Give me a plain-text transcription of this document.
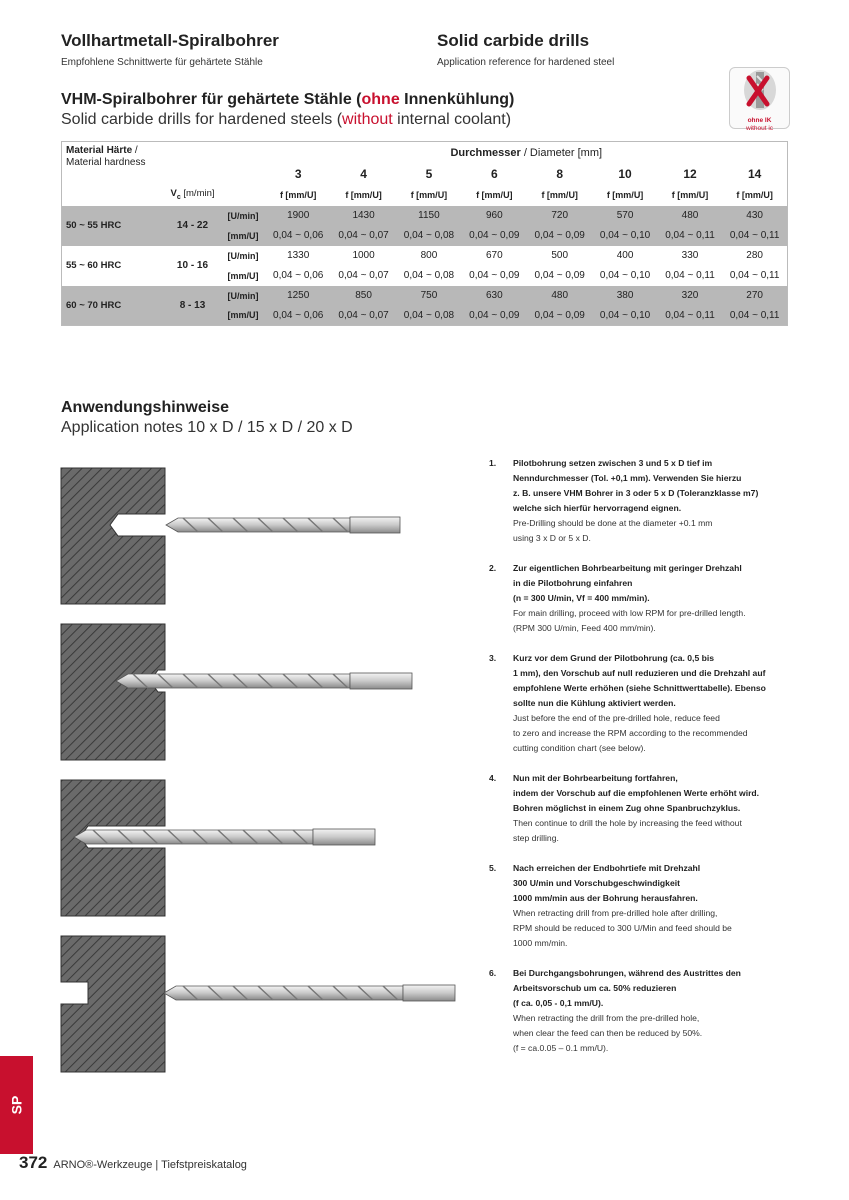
Vollhartmetall-Spiralbohrer
Empfohlene Schnittwerte für gehärtete Stähle
Solid carbide drills
Application reference for hardened steel
VHM-Spiralbohrer für gehärtete Stähle (ohne Innenkühlung)
Solid carbide drills for hardened steels (without internal coolant)	ohne IK
without ic
Material Härte /
Material hardness			Durchmesser / Diameter [mm]							
			3	4	5	6	8	10	12	14
	$V_c$ [m/min]		f [mm/U]	f [mm/U]	f [mm/U]	f [mm/U]	f [mm/U]	f [mm/U]	f [mm/U]	f [mm/U]
50 ~ 55 HRC	14 - 22	[U/min]	1900	1430	1150	960	720	570	480	430
		[mm/U]	0,04 ~ 0,06	0,04 ~ 0,07	0,04 ~ 0,08	0,04 ~ 0,09	0,04 ~ 0,09	0,04 ~ 0,10	0,04 ~ 0,11	0,04 ~ 0,11
55 ~ 60 HRC	10 - 16	[U/min]	1330	1000	800	670	500	400	330	280
		[mm/U]	0,04 ~ 0,06	0,04 ~ 0,07	0,04 ~ 0,08	0,04 ~ 0,09	0,04 ~ 0,09	0,04 ~ 0,10	0,04 ~ 0,11	0,04 ~ 0,11
60 ~ 70 HRC	8 - 13	[U/min]	1250	850	750	630	480	380	320	270
		[mm/U]	0,04 ~ 0,06	0,04 ~ 0,07	0,04 ~ 0,08	0,04 ~ 0,09	0,04 ~ 0,09	0,04 ~ 0,10	0,04 ~ 0,11	0,04 ~ 0,11
Anwendungshinweise
Application notes 10 x D / 15 x D / 20 x D
1. Pilotbohrung setzen zwischen 3 und 5 x D tief im
Nenndurchmesser (Tol. +0,1 mm). Verwenden Sie hierzu
z. B. unsere VHM Bohrer in 3 oder 5 x D (Toleranzklasse m7)
welche sich hierfür hervorragend eignen.
Pre-Drilling should be done at the diameter +0.1 mm
using 3 x D or 5 x D.
2. Zur eigentlichen Bohrbearbeitung mit geringer Drehzahl
in die Pilotbohrung einfahren
(n = 300 U/min, Vf = 400 mm/min).
For main drilling, proceed with low RPM for pre-drilled length.
(RPM 300 U/min, Feed 400 mm/min).
3. Kurz vor dem Grund der Pilotbohrung (ca. 0,5 bis
1 mm), den Vorschub auf null reduzieren und die Drehzahl auf
empfohlene Werte erhöhen (siehe Schnittwerttabelle). Ebenso
sollte nun die Kühlung aktiviert werden.
Just before the end of the pre-drilled hole, reduce feed
to zero and increase the RPM according to the recommended
cutting condition chart (see below).
4. Nun mit der Bohrbearbeitung fortfahren,
indem der Vorschub auf die empfohlenen Werte erhöht wird.
Bohren möglichst in einem Zug ohne Spanbruchzyklus.
Then continue to drill the hole by increasing the feed without
step drilling.
5. Nach erreichen der Endbohrtiefe mit Drehzahl
300 U/min und Vorschubgeschwindigkeit
1000 mm/min aus der Bohrung herausfahren.
When retracting drill from pre-drilled hole after drilling,
RPM should be reduced to 300 U/Min and feed should be
1000 mm/min.
6. Bei Durchgangsbohrungen, während des Austrittes den
Arbeitsvorschub um ca. 50% reduzieren
(f ca. 0,05 - 0,1 mm/U).
When retracting the drill from the pre-drilled hole,
when clear the feed can then be reduced by 50%.
(f = ca.0.05 – 0.1 mm/U).
SP
372 ARNO®-Werkzeuge | Tiefstpreiskatalog
